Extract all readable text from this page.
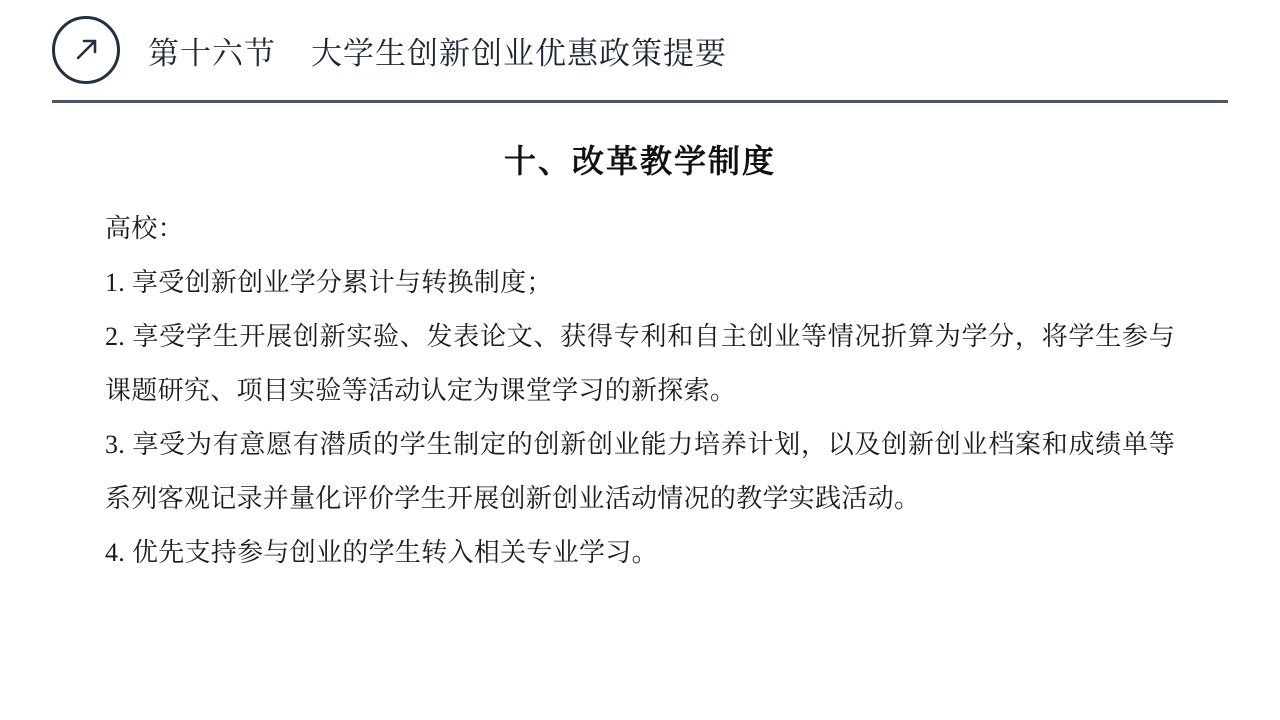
第十六节    大学生创新创业优惠政策提要
十、改革教学制度
高校：
1. 享受创新创业学分累计与转换制度；
2. 享受学生开展创新实验、发表论文、获得专利和自主创业等情况折算为学分，将学生参与课题研究、项目实验等活动认定为课堂学习的新探索。
3. 享受为有意愿有潜质的学生制定的创新创业能力培养计划，以及创新创业档案和成绩单等系列客观记录并量化评价学生开展创新创业活动情况的教学实践活动。
4. 优先支持参与创业的学生转入相关专业学习。
